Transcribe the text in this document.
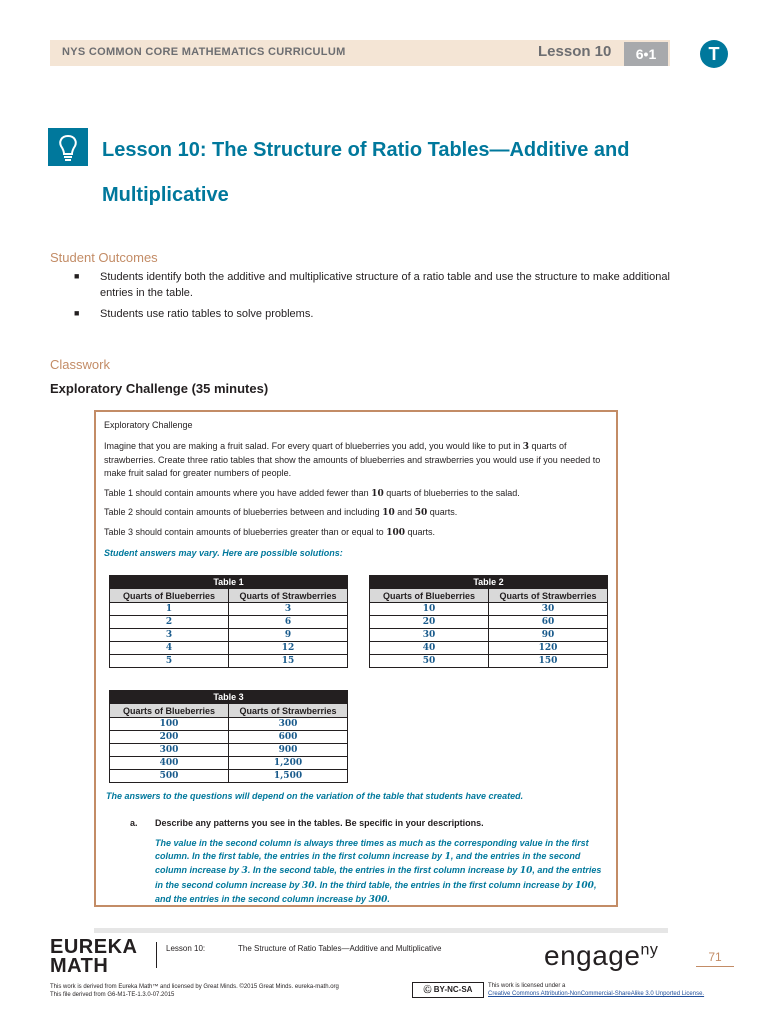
NYS COMMON CORE MATHEMATICS CURRICULUM	Lesson 10	6•1	T
Lesson 10: The Structure of Ratio Tables—Additive and Multiplicative
Student Outcomes
■ Students identify both the additive and multiplicative structure of a ratio table and use the structure to make additional entries in the table.
■ Students use ratio tables to solve problems.
Classwork
Exploratory Challenge (35 minutes)
Exploratory Challenge
Imagine that you are making a fruit salad. For every quart of blueberries you add, you would like to put in 3 quarts of strawberries. Create three ratio tables that show the amounts of blueberries and strawberries you would use if you needed to make fruit salad for greater numbers of people.
Table 1 should contain amounts where you have added fewer than 10 quarts of blueberries to the salad.
Table 2 should contain amounts of blueberries between and including 10 and 50 quarts.
Table 3 should contain amounts of blueberries greater than or equal to 100 quarts.
Student answers may vary. Here are possible solutions:
Table 1	
Quarts of Blueberries	Quarts of Strawberries
1	3
2	6
3	9
4	12
5	15
Table 2	
Quarts of Blueberries	Quarts of Strawberries
10	30
20	60
30	90
40	120
50	150
Table 3	
Quarts of Blueberries	Quarts of Strawberries
100	300
200	600
300	900
400	1,200
500	1,500
The answers to the questions will depend on the variation of the table that students have created.
a. Describe any patterns you see in the tables. Be specific in your descriptions.
The value in the second column is always three times as much as the corresponding value in the first column. In the first table, the entries in the first column increase by 1, and the entries in the second column increase by 3. In the second table, the entries in the first column increase by 10, and the entries in the second column increase by 30. In the third table, the entries in the first column increase by 100, and the entries in the second column increase by 300.
EUREKA
MATH
Lesson 10:	The Structure of Ratio Tables—Additive and Multiplicative	engage$^{ny}$	71
This work is derived from Eureka Math™ and licensed by Great Minds. ©2015 Great Minds. eureka-math.org
This file derived from G6-M1-TE-1.3.0-07.2015
Ⓒ BY-NC-SA	This work is licensed under a
Creative Commons Attribution-NonCommercial-ShareAlike 3.0 Unported License.
